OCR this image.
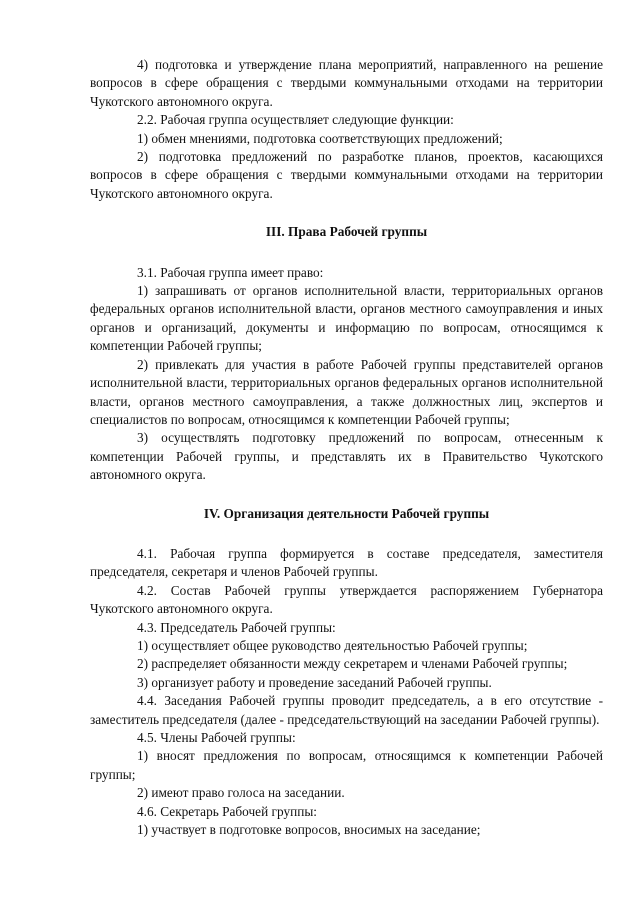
4) подготовка и утверждение плана мероприятий, направленного на решение вопросов в сфере обращения с твердыми коммунальными отходами на территории Чукотского автономного округа.

2.2. Рабочая группа осуществляет следующие функции:

1) обмен мнениями, подготовка соответствующих предложений;

2) подготовка предложений по разработке планов, проектов, касающихся вопросов в сфере обращения с твердыми коммунальными отходами на территории Чукотского автономного округа.

III. Права Рабочей группы

3.1. Рабочая группа имеет право:

1) запрашивать от органов исполнительной власти, территориальных органов федеральных органов исполнительной власти, органов местного самоуправления и иных органов и организаций, документы и информацию по вопросам, относящимся к компетенции Рабочей группы;

2) привлекать для участия в работе Рабочей группы представителей органов исполнительной власти, территориальных органов федеральных органов исполнительной власти, органов местного самоуправления, а также должностных лиц, экспертов и специалистов по вопросам, относящимся к компетенции Рабочей группы;

3) осуществлять подготовку предложений по вопросам, отнесенным к компетенции Рабочей группы, и представлять их в Правительство Чукотского автономного округа.

IV. Организация деятельности Рабочей группы

4.1. Рабочая группа формируется в составе председателя, заместителя председателя, секретаря и членов Рабочей группы.

4.2. Состав Рабочей группы утверждается распоряжением Губернатора Чукотского автономного округа.

4.3. Председатель Рабочей группы:

1) осуществляет общее руководство деятельностью Рабочей группы;

2) распределяет обязанности между секретарем и членами Рабочей группы;

3) организует работу и проведение заседаний Рабочей группы.

4.4. Заседания Рабочей группы проводит председатель, а в его отсутствие - заместитель председателя (далее - председательствующий на заседании Рабочей группы).

4.5. Члены Рабочей группы:

1) вносят предложения по вопросам, относящимся к компетенции Рабочей группы;

2) имеют право голоса на заседании.

4.6. Секретарь Рабочей группы:

1) участвует в подготовке вопросов, вносимых на заседание;
